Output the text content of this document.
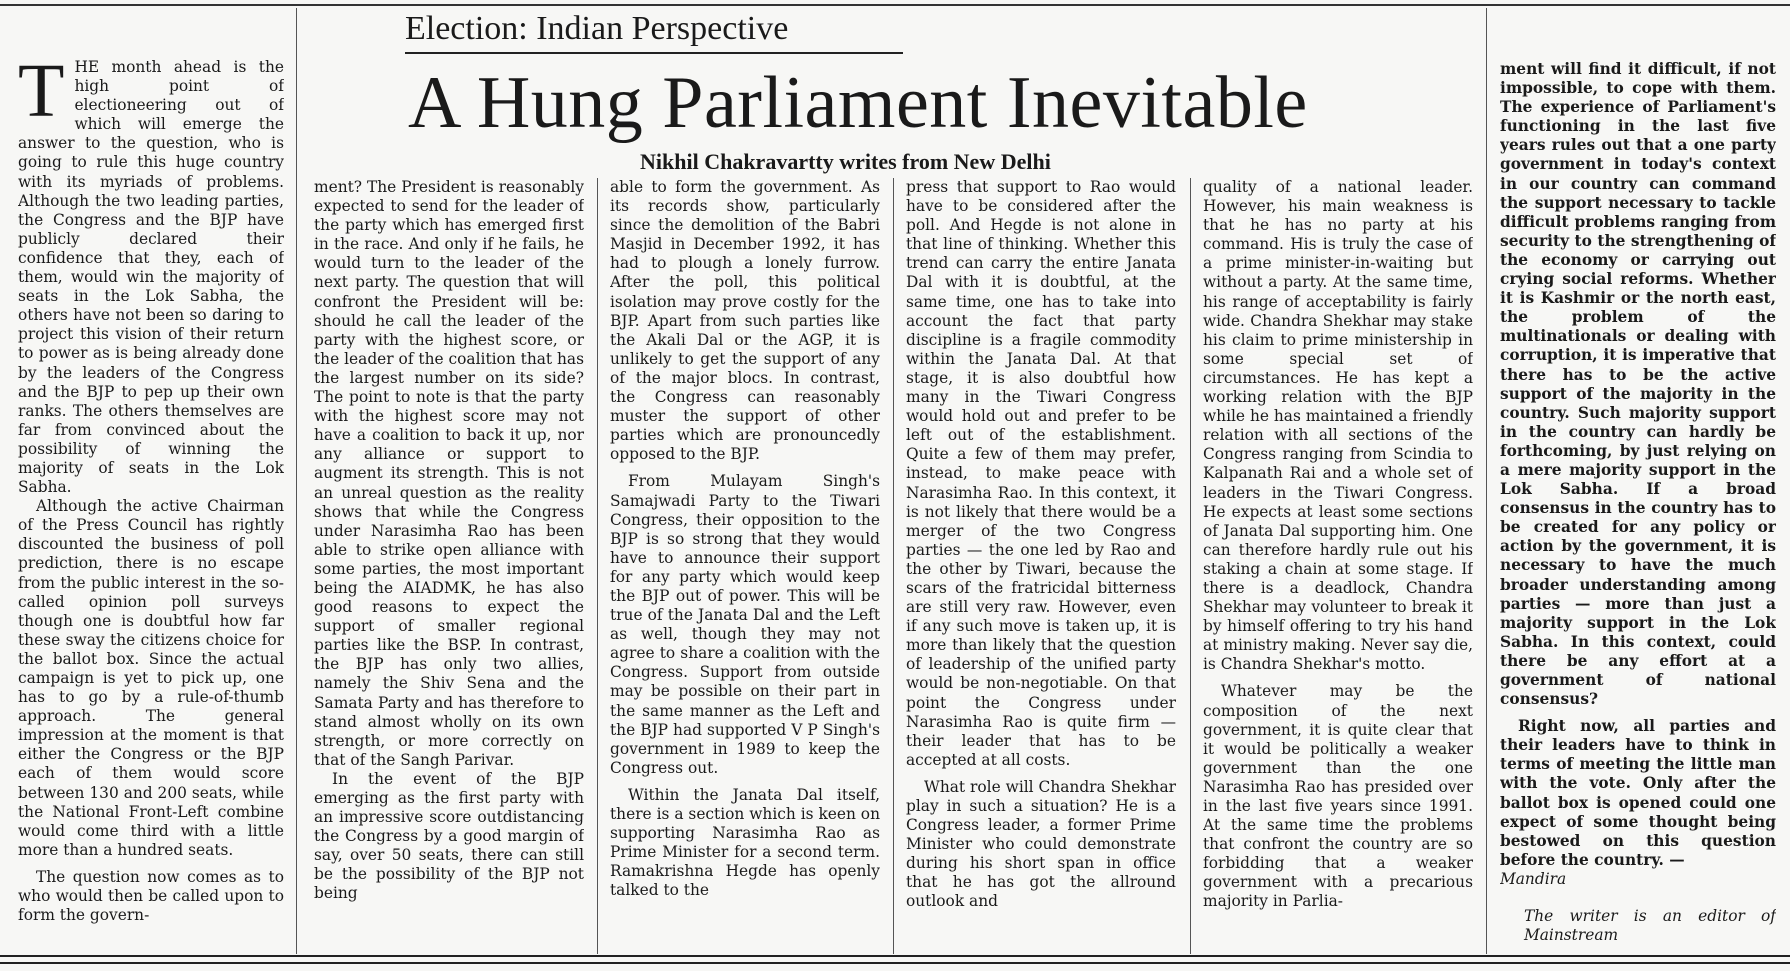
Election: Indian Perspective
A Hung Parliament Inevitable
Nikhil Chakravartty writes from New Delhi

THE month ahead is the high point of electioneering out of which will emerge the answer to the question, who is going to rule this huge country with its myriads of problems. Although the two leading parties, the Congress and the BJP have publicly declared their confidence that they, each of them, would win the majority of seats in the Lok Sabha, the others have not been so daring to project this vision of their return to power as is being already done by the leaders of the Congress and the BJP to pep up their own ranks. The others themselves are far from convinced about the possibility of winning the majority of seats in the Lok Sabha.

Although the active Chairman of the Press Council has rightly discounted the business of poll prediction, there is no escape from the public interest in the so-called opinion poll surveys though one is doubtful how far these sway the citizens choice for the ballot box. Since the actual campaign is yet to pick up, one has to go by a rule-of-thumb approach. The general impression at the moment is that either the Congress or the BJP each of them would score between 130 and 200 seats, while the National Front-Left combine would come third with a little more than a hundred seats.

The question now comes as to who would then be called upon to form the govern-

ment? The President is reasonably expected to send for the leader of the party which has emerged first in the race. And only if he fails, he would turn to the leader of the next party. The question that will confront the President will be: should he call the leader of the party with the highest score, or the leader of the coalition that has the largest number on its side? The point to note is that the party with the highest score may not have a coalition to back it up, nor any alliance or support to augment its strength. This is not an unreal question as the reality shows that while the Congress under Narasimha Rao has been able to strike open alliance with some parties, the most important being the AIADMK, he has also good reasons to expect the support of smaller regional parties like the BSP. In contrast, the BJP has only two allies, namely the Shiv Sena and the Samata Party and has therefore to stand almost wholly on its own strength, or more correctly on that of the Sangh Parivar.

In the event of the BJP emerging as the first party with an impressive score outdistancing the Congress by a good margin of say, over 50 seats, there can still be the possibility of the BJP not being

able to form the government. As its records show, particularly since the demolition of the Babri Masjid in December 1992, it has had to plough a lonely furrow. After the poll, this political isolation may prove costly for the BJP. Apart from such parties like the Akali Dal or the AGP, it is unlikely to get the support of any of the major blocs. In contrast, the Congress can reasonably muster the support of other parties which are pronouncedly opposed to the BJP.

From Mulayam Singh's Samajwadi Party to the Tiwari Congress, their opposition to the BJP is so strong that they would have to announce their support for any party which would keep the BJP out of power. This will be true of the Janata Dal and the Left as well, though they may not agree to share a coalition with the Congress. Support from outside may be possible on their part in the same manner as the Left and the BJP had supported V P Singh's government in 1989 to keep the Congress out.

Within the Janata Dal itself, there is a section which is keen on supporting Narasimha Rao as Prime Minister for a second term. Ramakrishna Hegde has openly talked to the

press that support to Rao would have to be considered after the poll. And Hegde is not alone in that line of thinking. Whether this trend can carry the entire Janata Dal with it is doubtful, at the same time, one has to take into account the fact that party discipline is a fragile commodity within the Janata Dal. At that stage, it is also doubtful how many in the Tiwari Congress would hold out and prefer to be left out of the establishment. Quite a few of them may prefer, instead, to make peace with Narasimha Rao. In this context, it is not likely that there would be a merger of the two Congress parties — the one led by Rao and the other by Tiwari, because the scars of the fratricidal bitterness are still very raw. However, even if any such move is taken up, it is more than likely that the question of leadership of the unified party would be non-negotiable. On that point the Congress under Narasimha Rao is quite firm — their leader that has to be accepted at all costs.

What role will Chandra Shekhar play in such a situation? He is a Congress leader, a former Prime Minister who could demonstrate during his short span in office that he has got the allround outlook and

quality of a national leader. However, his main weakness is that he has no party at his command. His is truly the case of a prime minister-in-waiting but without a party. At the same time, his range of acceptability is fairly wide. Chandra Shekhar may stake his claim to prime ministership in some special set of circumstances. He has kept a working relation with the BJP while he has maintained a friendly relation with all sections of the Congress ranging from Scindia to Kalpanath Rai and a whole set of leaders in the Tiwari Congress. He expects at least some sections of Janata Dal supporting him. One can therefore hardly rule out his staking a chain at some stage. If there is a deadlock, Chandra Shekhar may volunteer to break it by himself offering to try his hand at ministry making. Never say die, is Chandra Shekhar's motto.

Whatever may be the composition of the next government, it is quite clear that it would be politically a weaker government than the one Narasimha Rao has presided over in the last five years since 1991. At the same time the problems that confront the country are so forbidding that a weaker government with a precarious majority in Parlia-

ment will find it difficult, if not impossible, to cope with them. The experience of Parliament's functioning in the last five years rules out that a one party government in today's context in our country can command the support necessary to tackle difficult problems ranging from security to the strengthening of the economy or carrying out crying social reforms. Whether it is Kashmir or the north east, the problem of the multinationals or dealing with corruption, it is imperative that there has to be the active support of the majority in the country. Such majority support in the country can hardly be forthcoming, by just relying on a mere majority support in the Lok Sabha. If a broad consensus in the country has to be created for any policy or action by the government, it is necessary to have the much broader understanding among parties — more than just a majority support in the Lok Sabha. In this context, could there be any effort at a government of national consensus?

Right now, all parties and their leaders have to think in terms of meeting the little man with the vote. Only after the ballot box is opened could one expect of some thought being bestowed on this question before the country. —

Mandira

The writer is an editor of Mainstream
